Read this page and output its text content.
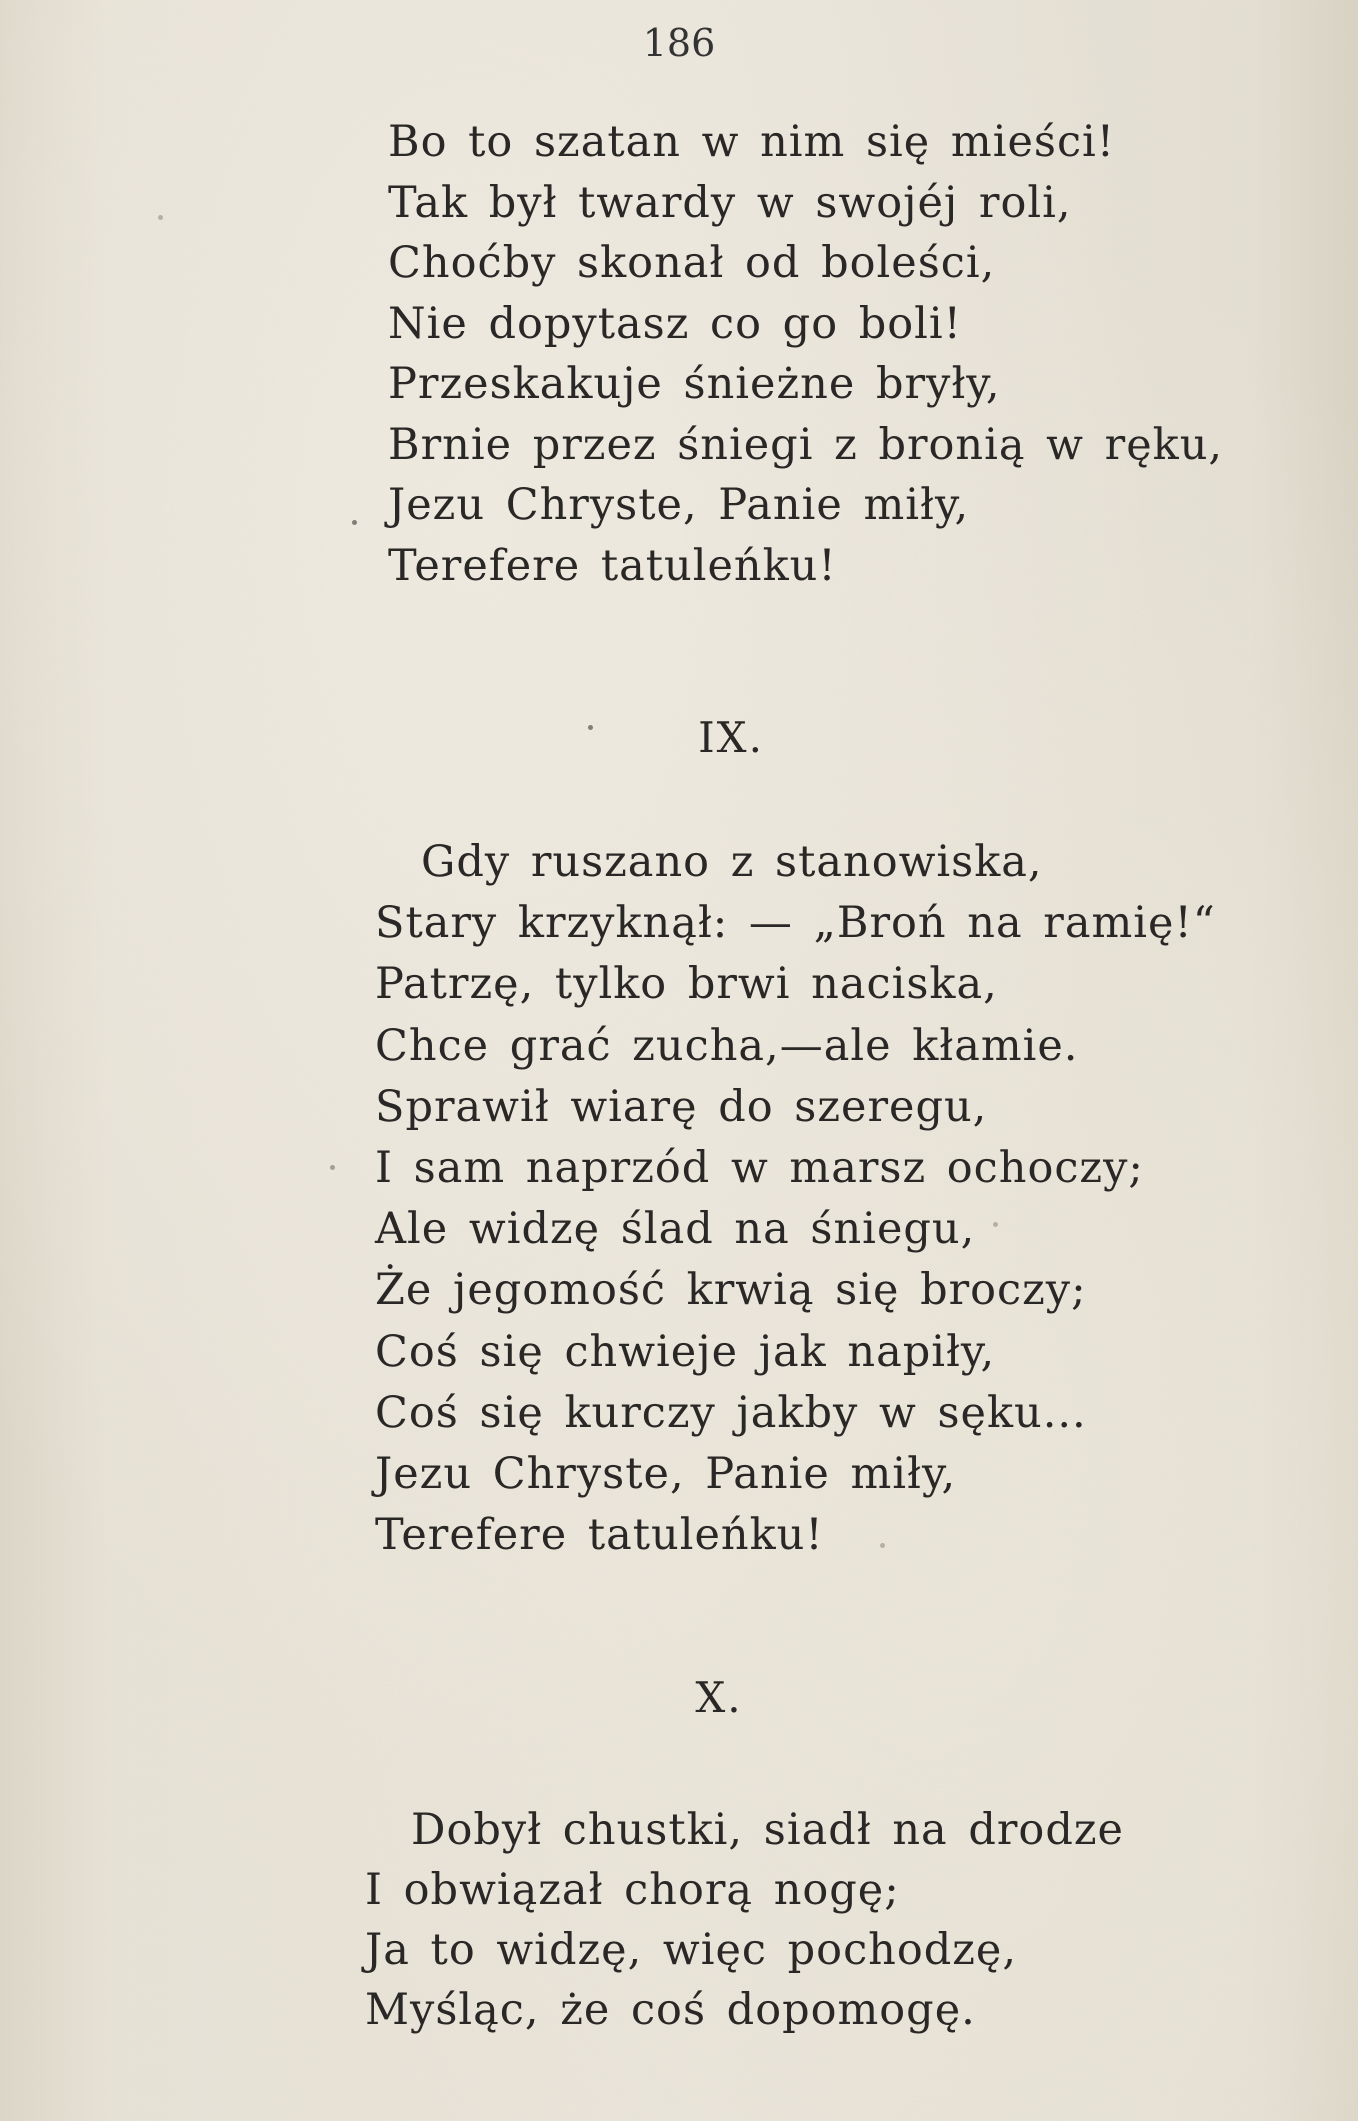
186
Bo to szatan w nim się mieści!
Tak był twardy w swojéj roli,
Choćby skonał od boleści,
Nie dopytasz co go boli!
Przeskakuje śnieżne bryły,
Brnie przez śniegi z bronią w ręku,
Jezu Chryste, Panie miły,
Terefere tatuleńku!
IX.
Gdy ruszano z stanowiska,
Stary krzyknął: — „Broń na ramię!“
Patrzę, tylko brwi naciska,
Chce grać zucha,—ale kłamie.
Sprawił wiarę do szeregu,
I sam naprzód w marsz ochoczy;
Ale widzę ślad na śniegu,
Że jegomość krwią się broczy;
Coś się chwieje jak napiły,
Coś się kurczy jakby w sęku...
Jezu Chryste, Panie miły,
Terefere tatuleńku!
X.
Dobył chustki, siadł na drodze
I obwiązał chorą nogę;
Ja to widzę, więc pochodzę,
Myśląc, że coś dopomogę.
